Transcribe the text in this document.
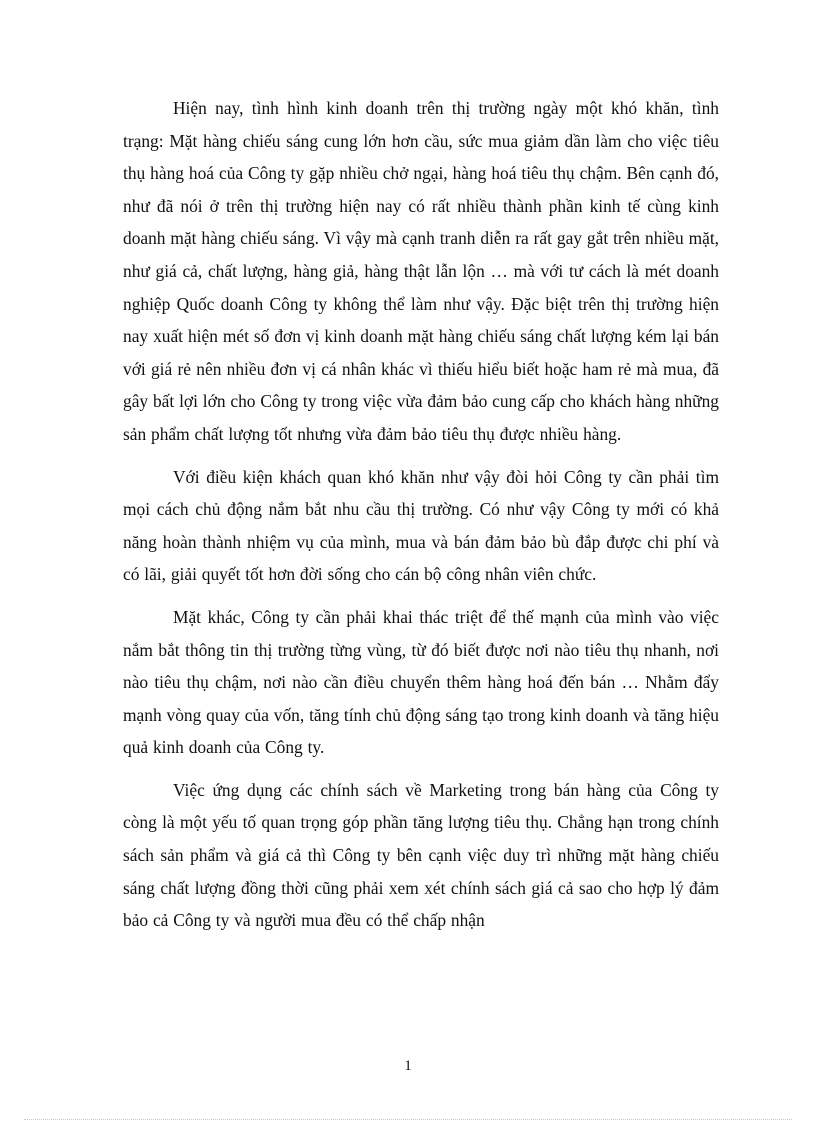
Hiện nay, tình hình kinh doanh trên thị trường ngày một khó khăn, tình trạng: Mặt hàng chiếu sáng cung lớn hơn cầu, sức mua giảm dần làm cho việc tiêu thụ hàng hoá của Công ty gặp nhiều chở ngại, hàng hoá tiêu thụ chậm. Bên cạnh đó, như đã nói ở trên thị trường hiện nay có rất nhiều thành phần kinh tế cùng kinh doanh mặt hàng chiếu sáng. Vì vậy mà cạnh tranh diễn ra rất gay gắt trên nhiều mặt, như giá cả, chất lượng, hàng giả, hàng thật lẫn lộn … mà với tư cách là mét doanh nghiệp Quốc doanh Công ty không thể làm như vậy. Đặc biệt trên thị trường hiện nay xuất hiện mét số đơn vị kinh doanh mặt hàng chiếu sáng chất lượng kém lại bán với giá rẻ nên nhiều đơn vị cá nhân khác vì thiếu hiểu biết hoặc ham rẻ mà mua, đã gây bất lợi lớn cho Công ty trong việc vừa đảm bảo cung cấp cho khách hàng những sản phẩm chất lượng tốt nhưng vừa đảm bảo tiêu thụ được nhiều hàng.

Với điều kiện khách quan khó khăn như vậy đòi hỏi Công ty cần phải tìm mọi cách chủ động nắm bắt nhu cầu thị trường. Có như vậy Công ty mới có khả năng hoàn thành nhiệm vụ của mình, mua và bán đảm bảo bù đắp được chi phí và có lãi, giải quyết tốt hơn đời sống cho cán bộ công nhân viên chức.

Mặt khác, Công ty cần phải khai thác triệt để thế mạnh của mình vào việc nắm bắt thông tin thị trường từng vùng, từ đó biết được nơi nào tiêu thụ nhanh, nơi nào tiêu thụ chậm, nơi nào cần điều chuyển thêm hàng hoá đến bán … Nhằm đẩy mạnh vòng quay của vốn, tăng tính chủ động sáng tạo trong kinh doanh và tăng hiệu quả kinh doanh của Công ty.

Việc ứng dụng các chính sách về Marketing trong bán hàng của Công ty còng là một yếu tố quan trọng góp phần tăng lượng tiêu thụ. Chẳng hạn trong chính sách sản phẩm và giá cả thì Công ty bên cạnh việc duy trì những mặt hàng chiếu sáng chất lượng đồng thời cũng phải xem xét chính sách giá cả sao cho hợp lý đảm bảo cả Công ty và người mua đều có thể chấp nhận

1
